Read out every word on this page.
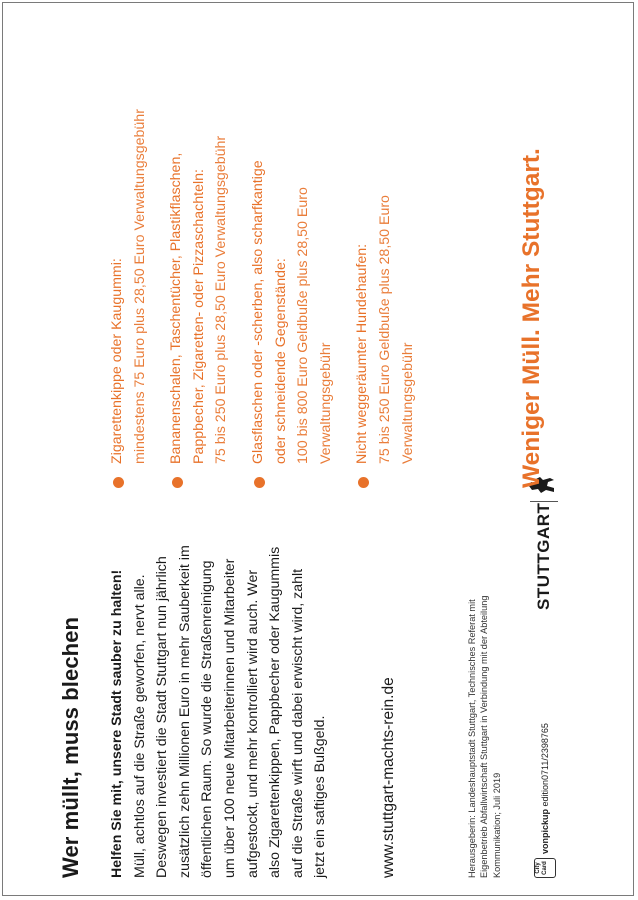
Wer müllt, muss blechen Helfen Sie mit, unsere Stadt sauber zu halten! Müll, achtlos auf die Straße geworfen, nervt alle. Deswegen investiert die Stadt Stuttgart nun jährlich zusätzlich zehn Millionen Euro in mehr Sauberkeit im öffentlichen Raum. So wurde die Straßenreinigung um über 100 neue Mitarbeiterinnen und Mitarbeiter aufgestockt, und mehr kontrolliert wird auch. Wer also Zigarettenkippen, Pappbecher oder Kaugummis auf die Straße wirft und dabei erwischt wird, zahlt jetzt ein saftiges Bußgeld.	www.stuttgart-machts-rein.de	Herausgeberin: Landeshauptstadt Stuttgart, Technisches Referat mit Eigenbetrieb Abfallwirtschaft Stuttgart in Verbindung mit der Abteilung Kommunikation; Juli 2019	City Card
vonpickup edition
0711/2398765
STUTTGART
Zigarettenkippe oder Kaugummi: mindestens 75 Euro plus 28,50 Euro Verwaltungsgebühr Bananenschalen, Taschentücher, Plastikflaschen, Pappbecher, Zigaretten- oder Pizzaschachteln: 75 bis 250 Euro plus 28,50 Euro Verwaltungsgebühr Glasflaschen oder -scherben, also scharfkantige oder schneidende Gegenstände: 100 bis 800 Euro Geldbuße plus 28,50 Euro Verwaltungsgebühr Nicht weggeräumter Hundehaufen: 75 bis 250 Euro Geldbuße plus 28,50 Euro Verwaltungsgebühr	Weniger Müll. Mehr Stuttgart.
